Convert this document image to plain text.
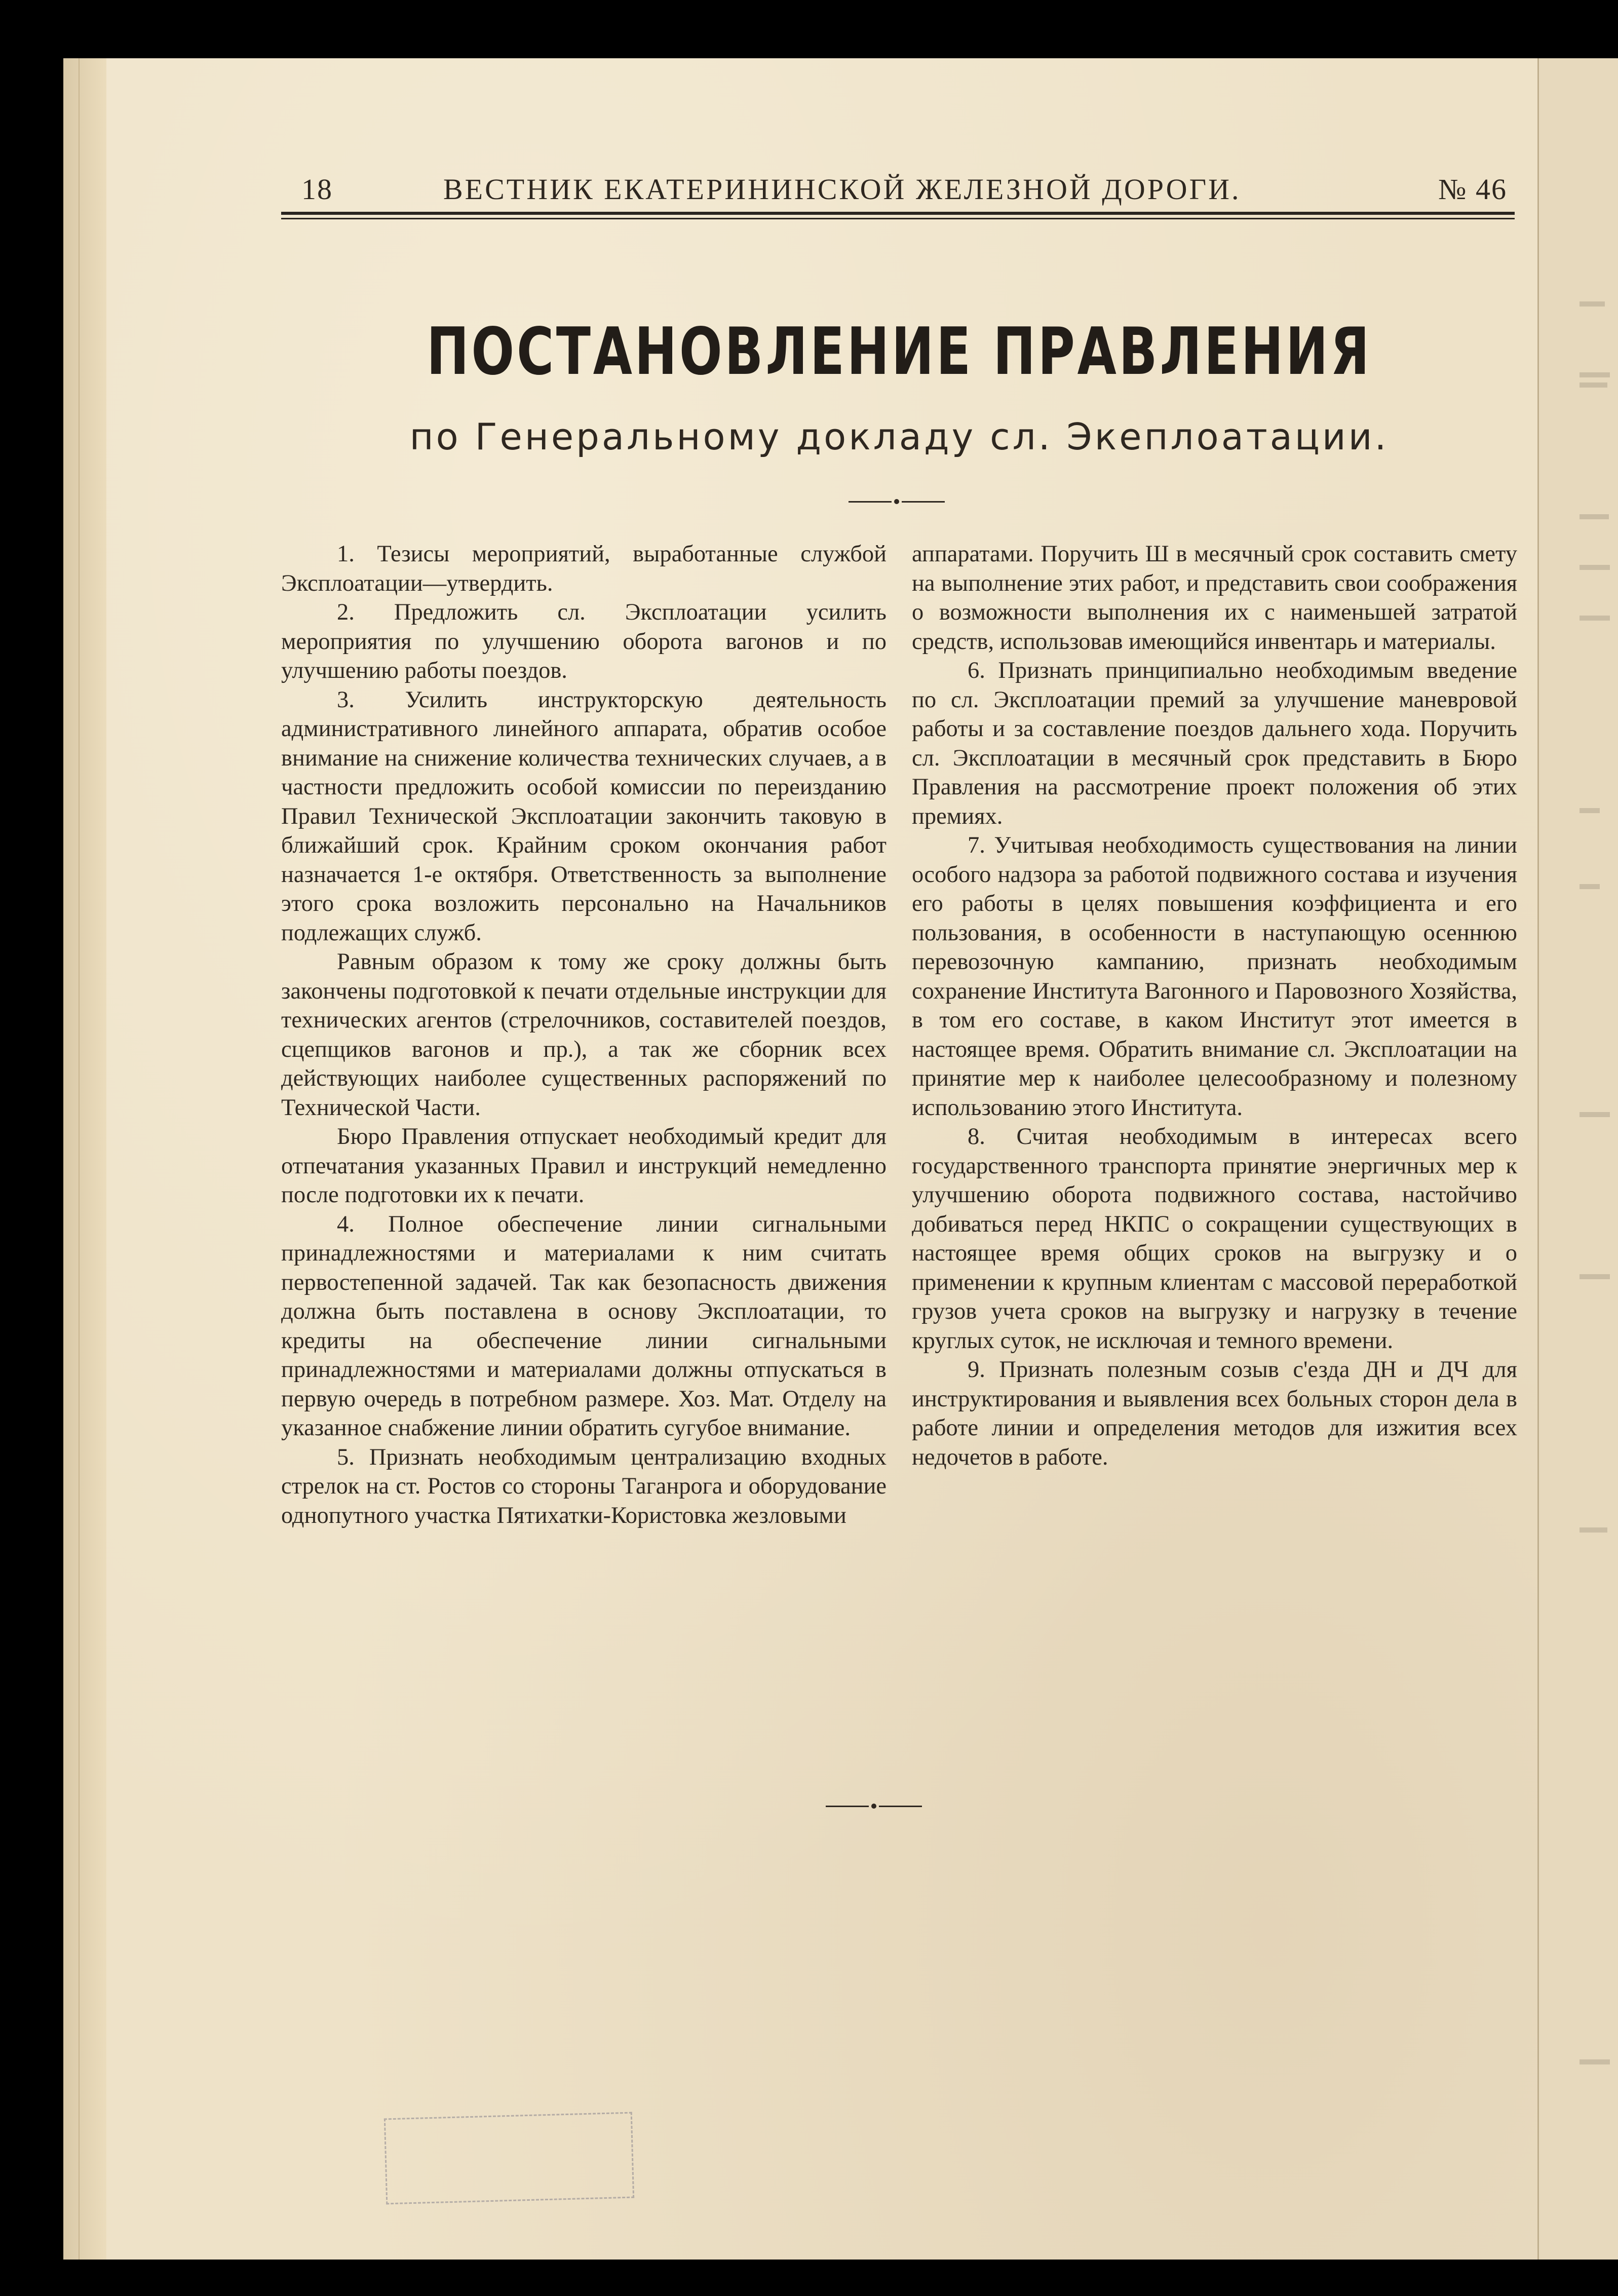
18	ВЕСТНИК ЕКАТЕРИНИНСКОЙ ЖЕЛЕЗНОЙ ДОРОГИ.	№ 46
ПОСТАНОВЛЕНИЕ ПРАВЛЕНИЯ
по Генеральному докладу сл. Экеплоатации.

1. Тезисы мероприятий, выработанные службой Эксплоатации—утвердить.

2. Предложить сл. Эксплоатации усилить мероприятия по улучшению оборота вагонов и по улучшению работы поездов.

3. Усилить инструкторскую деятельность административного линейного аппарата, обратив особое внимание на снижение количества технических случаев, а в частности предложить особой комиссии по переизданию Правил Технической Эксплоатации закончить таковую в ближайший срок. Крайним сроком окончания работ назначается 1-е октября. Ответственность за выполнение этого срока возложить персонально на Начальников подлежащих служб.

Равным образом к тому же сроку должны быть закончены подготовкой к печати отдельные инструкции для технических агентов (стрелочников, составителей поездов, сцепщиков вагонов и пр.), а так же сборник всех действующих наиболее существенных распоряжений по Технической Части.

Бюро Правления отпускает необходимый кредит для отпечатания указанных Правил и инструкций немедленно после подготовки их к печати.

4. Полное обеспечение линии сигнальными принадлежностями и материалами к ним считать первостепенной задачей. Так как безопасность движения должна быть поставлена в основу Эксплоатации, то кредиты на обеспечение линии сигнальными принадлежностями и материалами должны отпускаться в первую очередь в потребном размере. Хоз. Мат. Отделу на указанное снабжение линии обратить сугубое внимание.

5. Признать необходимым централизацию входных стрелок на ст. Ростов со стороны Таганрога и оборудование однопутного участка Пятихатки-Користовка жезловыми

аппаратами. Поручить Ш в месячный срок составить смету на выполнение этих работ, и представить свои соображения о возможности выполнения их с наименьшей затратой средств, использовав имеющийся инвентарь и материалы.

6. Признать принципиально необходимым введение по сл. Эксплоатации премий за улучшение маневровой работы и за составление поездов дальнего хода. Поручить сл. Эксплоатации в месячный срок представить в Бюро Правления на рассмотрение проект положения об этих премиях.

7. Учитывая необходимость существования на линии особого надзора за работой подвижного состава и изучения его работы в целях повышения коэффициента и его пользования, в особенности в наступающую осеннюю перевозочную кампанию, признать необходимым сохранение Института Вагонного и Паровозного Хозяйства, в том его составе, в каком Институт этот имеется в настоящее время. Обратить внимание сл. Эксплоатации на принятие мер к наиболее целесообразному и полезному использованию этого Института.

8. Считая необходимым в интересах всего государственного транспорта принятие энергичных мер к улучшению оборота подвижного состава, настойчиво добиваться перед НКПС о сокращении существующих в настоящее время общих сроков на выгрузку и о применении к крупным клиентам с массовой переработкой грузов учета сроков на выгрузку и нагрузку в течение круглых суток, не исключая и темного времени.

9. Признать полезным созыв с'езда ДН и ДЧ для инструктирования и выявления всех больных сторон дела в работе линии и определения методов для изжития всех недочетов в работе.
